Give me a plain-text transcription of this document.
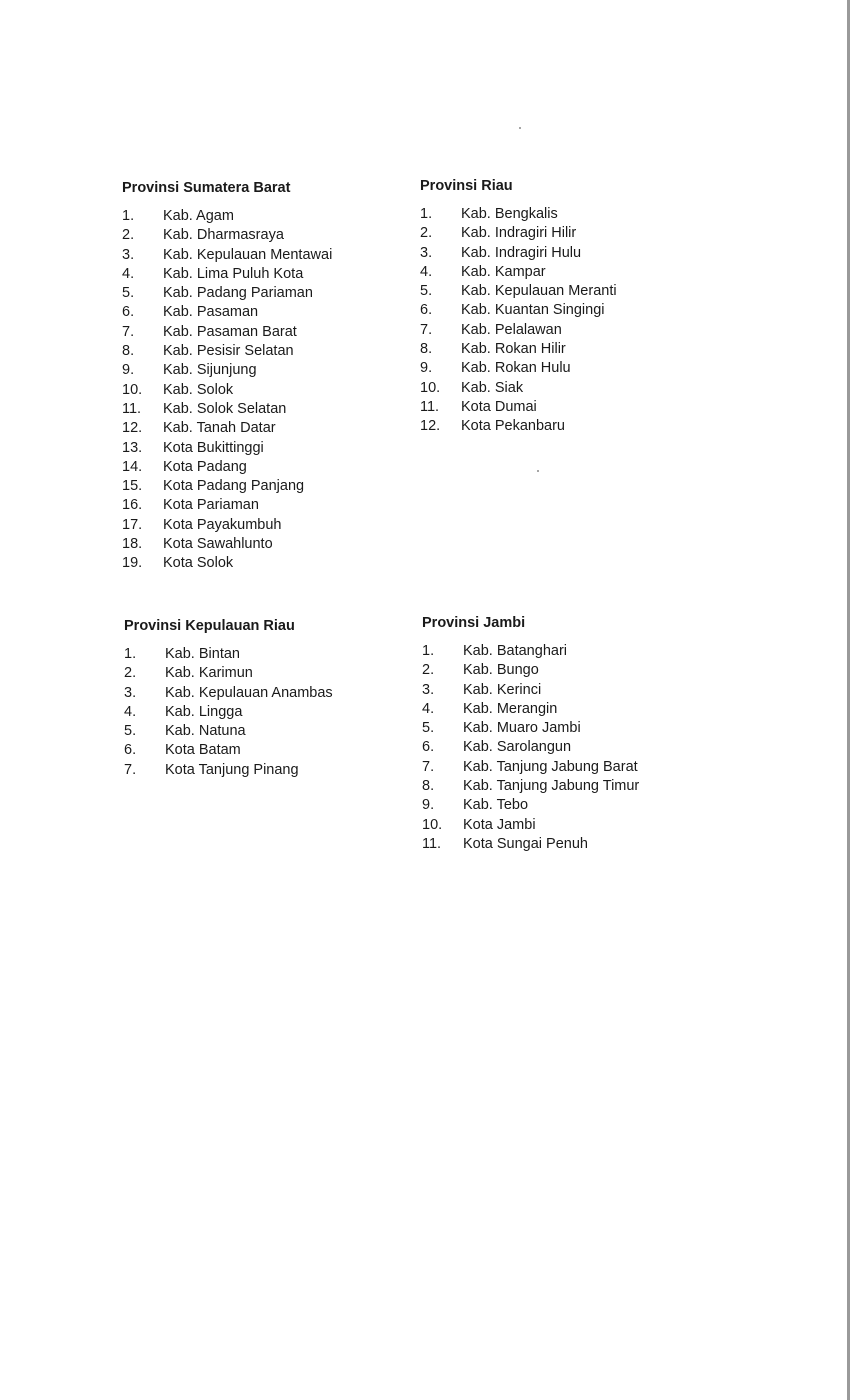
Provinsi Sumatera Barat
1. Kab. Agam
2. Kab. Dharmasraya
3. Kab. Kepulauan Mentawai
4. Kab. Lima Puluh Kota
5. Kab. Padang Pariaman
6. Kab. Pasaman
7. Kab. Pasaman Barat
8. Kab. Pesisir Selatan
9. Kab. Sijunjung
10. Kab. Solok
11. Kab. Solok Selatan
12. Kab. Tanah Datar
13. Kota Bukittinggi
14. Kota Padang
15. Kota Padang Panjang
16. Kota Pariaman
17. Kota Payakumbuh
18. Kota Sawahlunto
19. Kota Solok
Provinsi Riau
1. Kab. Bengkalis
2. Kab. Indragiri Hilir
3. Kab. Indragiri Hulu
4. Kab. Kampar
5. Kab. Kepulauan Meranti
6. Kab. Kuantan Singingi
7. Kab. Pelalawan
8. Kab. Rokan Hilir
9. Kab. Rokan Hulu
10. Kab. Siak
11. Kota Dumai
12. Kota Pekanbaru
Provinsi Kepulauan Riau
1. Kab. Bintan
2. Kab. Karimun
3. Kab. Kepulauan Anambas
4. Kab. Lingga
5. Kab. Natuna
6. Kota Batam
7. Kota Tanjung Pinang
Provinsi Jambi
1. Kab. Batanghari
2. Kab. Bungo
3. Kab. Kerinci
4. Kab. Merangin
5. Kab. Muaro Jambi
6. Kab. Sarolangun
7. Kab. Tanjung Jabung Barat
8. Kab. Tanjung Jabung Timur
9. Kab. Tebo
10. Kota Jambi
11. Kota Sungai Penuh
